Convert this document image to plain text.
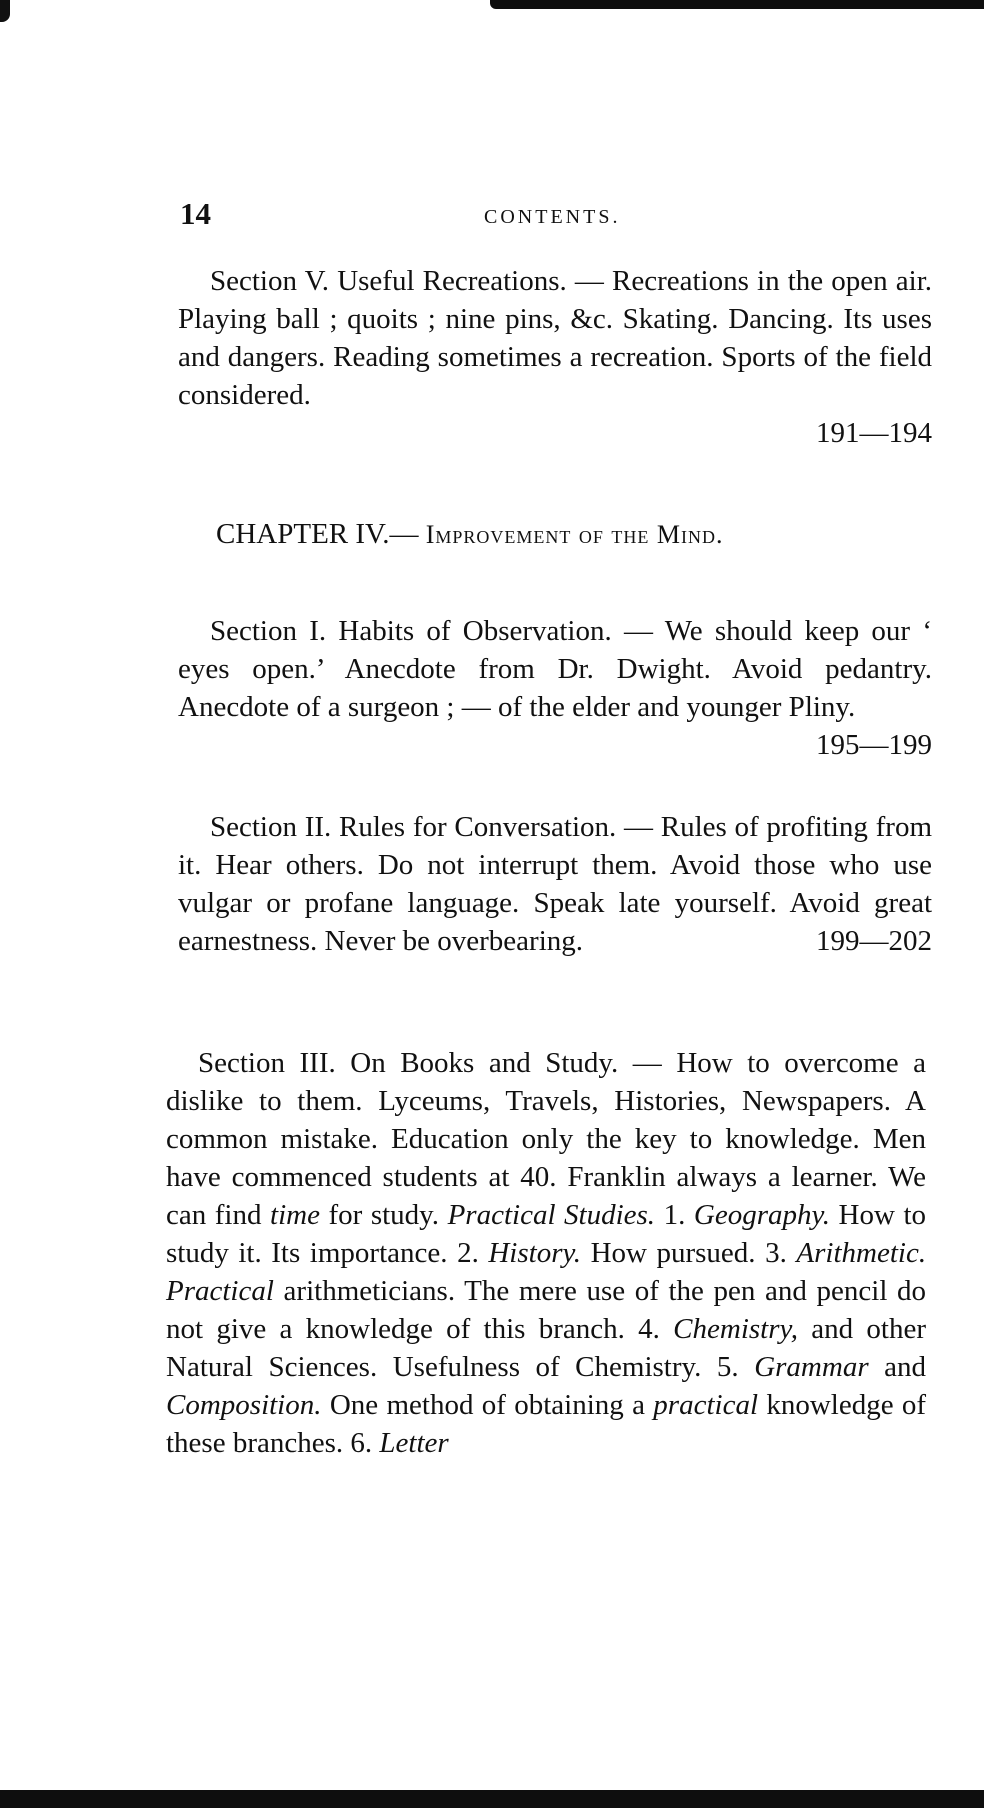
14	CONTENTS.
Section V. Useful Recreations. — Recreations in the open air. Playing ball ; quoits ; nine pins, &c. Skating. Dancing. Its uses and dangers. Reading sometimes a recreation. Sports of the field considered.
191—194
CHAPTER IV.— Improvement of the Mind.
Section I. Habits of Observation. — We should keep our ‘ eyes open.’ Anecdote from Dr. Dwight. Avoid pedantry. Anecdote of a surgeon ; — of the elder and younger Pliny.
195—199
Section II. Rules for Conversation. — Rules of profiting from it. Hear others. Do not interrupt them. Avoid those who use vulgar or profane language. Speak late yourself. Avoid great earnestness. Never be overbearing.	199—202
Section III. On Books and Study. — How to overcome a dislike to them. Lyceums, Travels, Histories, Newspapers. A common mistake. Education only the key to knowledge. Men have commenced students at 40. Franklin always a learner. We can find time for study. Practical Studies. 1. Geography. How to study it. Its importance. 2. History. How pursued. 3. Arithmetic. Practical arithmeticians. The mere use of the pen and pencil do not give a knowledge of this branch. 4. Chemistry, and other Natural Sciences. Usefulness of Chemistry. 5. Grammar and Composition. One method of obtaining a practical knowledge of these branches. 6. Letter
